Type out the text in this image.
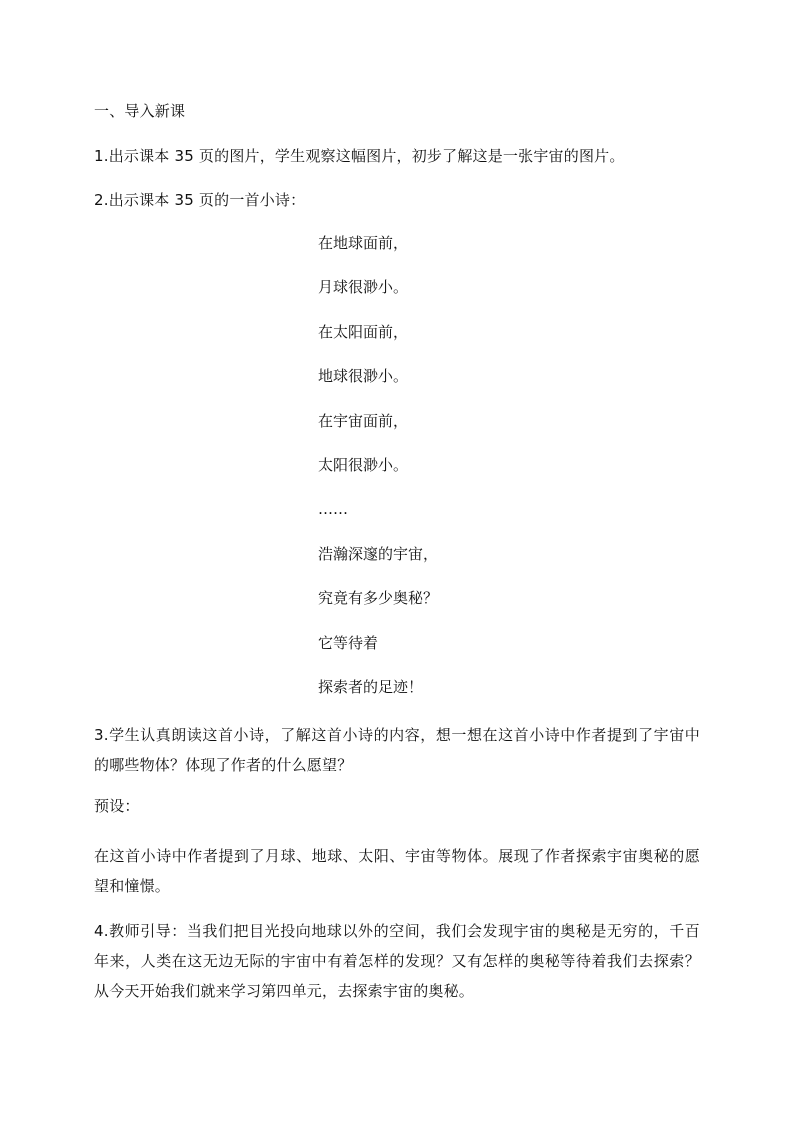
一、导入新课
1.出示课本 35 页的图片，学生观察这幅图片，初步了解这是一张宇宙的图片。
2.出示课本 35 页的一首小诗：
在地球面前，
月球很渺小。
在太阳面前，
地球很渺小。
在宇宙面前，
太阳很渺小。
……
浩瀚深邃的宇宙，
究竟有多少奥秘？
它等待着
探索者的足迹！
3.学生认真朗读这首小诗，了解这首小诗的内容，想一想在这首小诗中作者提到了宇宙中的哪些物体？体现了作者的什么愿望？
预设：
在这首小诗中作者提到了月球、地球、太阳、宇宙等物体。展现了作者探索宇宙奥秘的愿望和憧憬。
4.教师引导：当我们把目光投向地球以外的空间，我们会发现宇宙的奥秘是无穷的，千百年来，人类在这无边无际的宇宙中有着怎样的发现？又有怎样的奥秘等待着我们去探索？从今天开始我们就来学习第四单元，去探索宇宙的奥秘。
